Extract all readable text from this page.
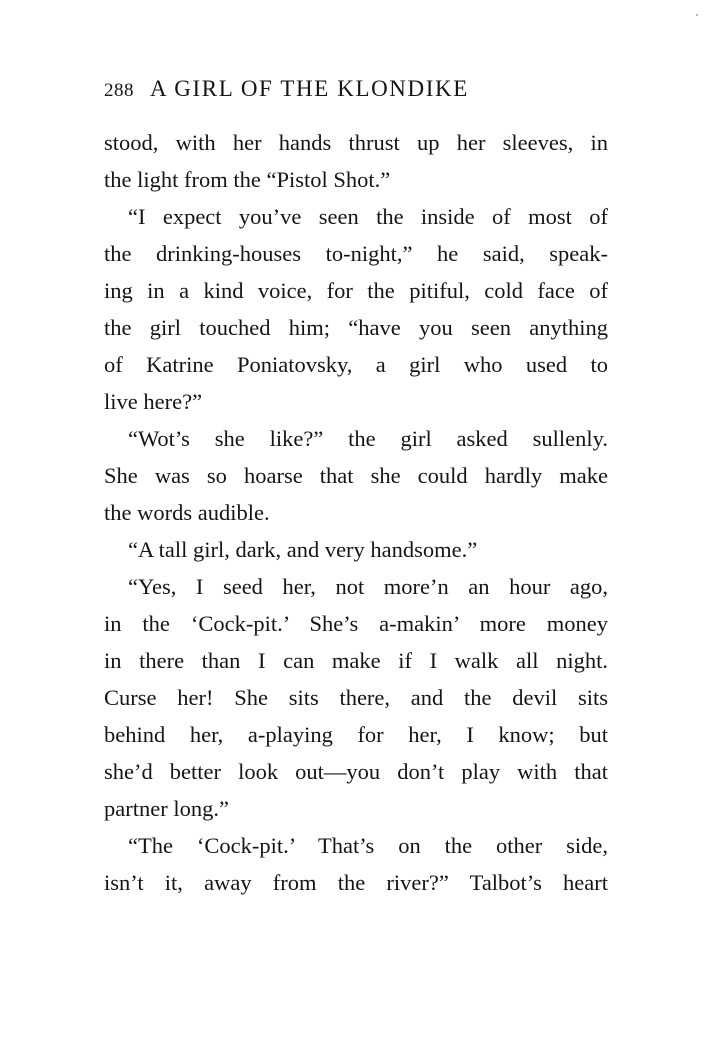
288 A GIRL OF THE KLONDIKE
stood, with her hands thrust up her sleeves, in
the light from the “Pistol Shot.”
“I expect you’ve seen the inside of most of
the drinking-houses to-night,” he said, speak-
ing in a kind voice, for the pitiful, cold face of
the girl touched him; “have you seen anything
of Katrine Poniatovsky, a girl who used to
live here?”
“Wot’s she like?” the girl asked sullenly.
She was so hoarse that she could hardly make
the words audible.
“A tall girl, dark, and very handsome.”
“Yes, I seed her, not more’n an hour ago,
in the ‘Cock-pit.’ She’s a-makin’ more money
in there than I can make if I walk all night.
Curse her! She sits there, and the devil sits
behind her, a-playing for her, I know; but
she’d better look out—you don’t play with that
partner long.”
“The ‘Cock-pit.’ That’s on the other side,
isn’t it, away from the river?” Talbot’s heart
